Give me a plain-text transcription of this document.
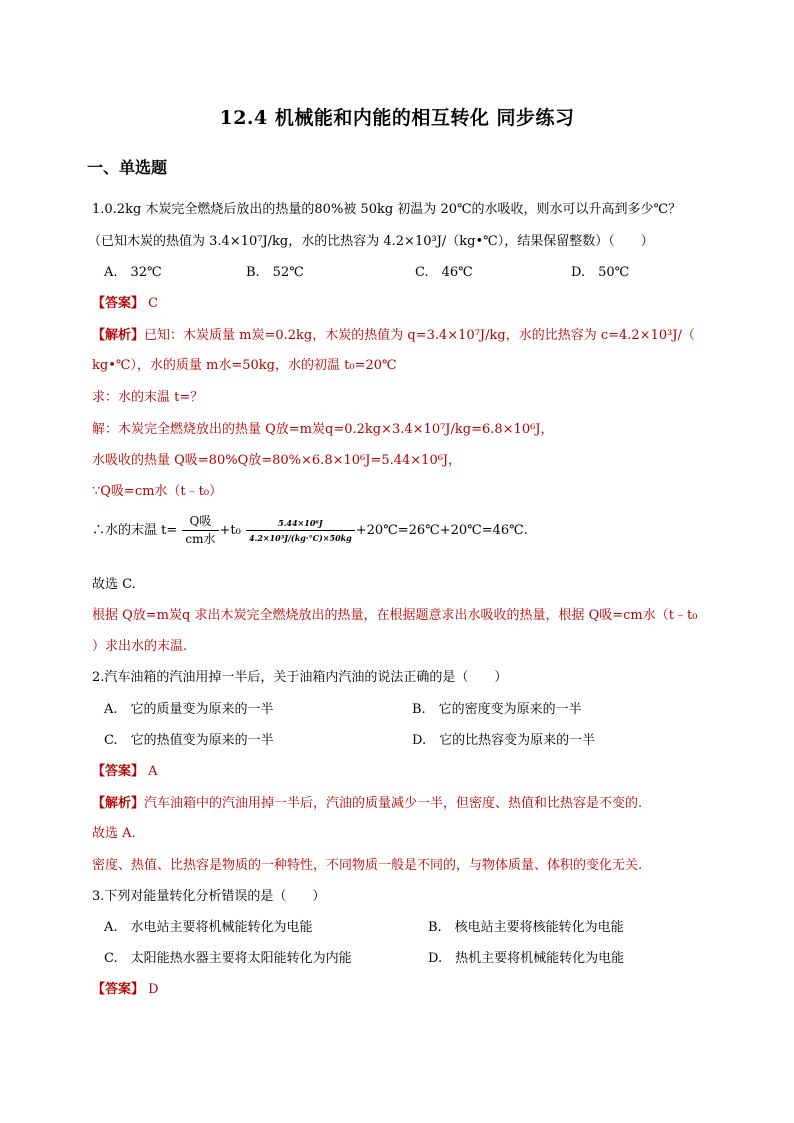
12.4 机械能和内能的相互转化 同步练习
一、单选题
1.0.2kg 木炭完全燃烧后放出的热量的80%被 50kg 初温为 20℃的水吸收，则水可以升高到多少℃？
（已知木炭的热值为 3.4×10⁷J/kg，水的比热容为 4.2×10³J/（kg•℃），结果保留整数）（　　）
A.　32℃	B.　52℃	C.　46℃	D.　50℃
【答案】 C
【解析】已知：木炭质量 m炭=0.2kg，木炭的热值为 q=3.4×10⁷J/kg，水的比热容为 c=4.2×10³J/（
kg•℃），水的质量 m水=50kg，水的初温 t₀=20℃
求：水的末温 t=？
解：木炭完全燃烧放出的热量 Q放=m炭q=0.2kg×3.4×10⁷J/kg=6.8×10⁶J，
水吸收的热量 Q吸=80%Q放=80%×6.8×10⁶J=5.44×10⁶J，
∵Q吸=cm水（t﹣t₀）
∴水的末温 $t= \frac{\text{Q吸}}{\text{cm水}} +t_0 \frac{\text{5.44×10⁶J}}{\text{4.2×10³J/(kg·°C)×50kg}}$ +20℃=26℃+20℃=46℃.
故选 C.
根据 Q放=m炭q 求出木炭完全燃烧放出的热量，在根据题意求出水吸收的热量，根据 Q吸=cm水（t﹣t₀
）求出水的末温.
2.汽车油箱的汽油用掉一半后，关于油箱内汽油的说法正确的是（　　）
A.　它的质量变为原来的一半	B.　它的密度变为原来的一半
C.　它的热值变为原来的一半	D.　它的比热容变为原来的一半
【答案】 A
【解析】汽车油箱中的汽油用掉一半后，汽油的质量减少一半，但密度、热值和比热容是不变的.
故选 A.
密度、热值、比热容是物质的一种特性，不同物质一般是不同的，与物体质量、体积的变化无关.
3.下列对能量转化分析错误的是（　　）
A.　水电站主要将机械能转化为电能	B.　核电站主要将核能转化为电能
C.　太阳能热水器主要将太阳能转化为内能	D.　热机主要将机械能转化为电能
【答案】 D
